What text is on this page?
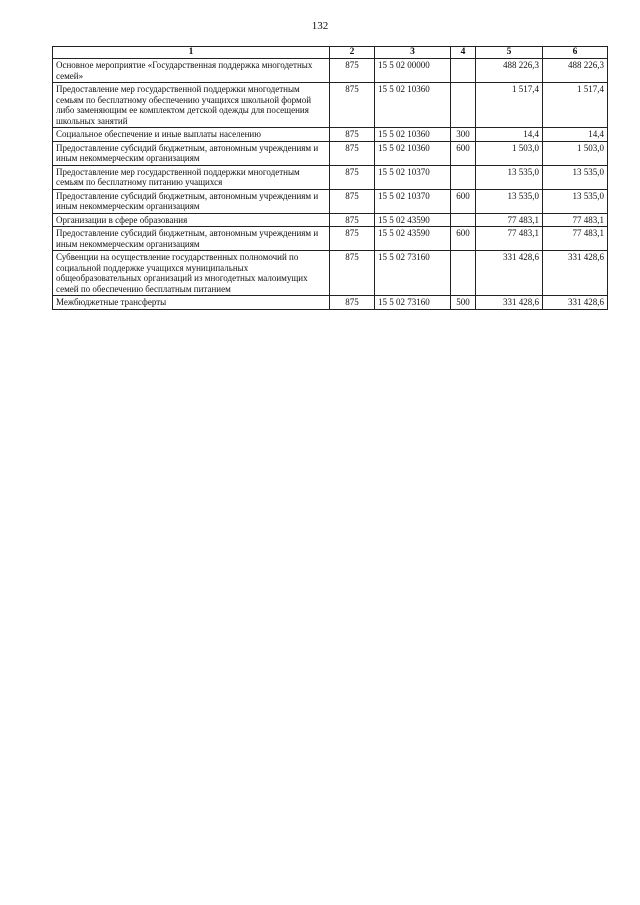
132
1	2	3	4	5	6
Основное мероприятие «Государственная поддержка многодетных семей»	875	15 5 02 00000		488 226,3	488 226,3
Предоставление мер государственной поддержки многодетным семьям по бесплатному обеспечению учащихся школьной формой либо заменяющим ее комплектом детской одежды для посещения школьных занятий	875	15 5 02 10360		1 517,4	1 517,4
Социальное обеспечение и иные выплаты населению	875	15 5 02 10360	300	14,4	14,4
Предоставление субсидий бюджетным, автономным учреждениям и иным некоммерческим организациям	875	15 5 02 10360	600	1 503,0	1 503,0
Предоставление мер государственной поддержки многодетным семьям по бесплатному питанию учащихся	875	15 5 02 10370		13 535,0	13 535,0
Предоставление субсидий бюджетным, автономным учреждениям и иным некоммерческим организациям	875	15 5 02 10370	600	13 535,0	13 535,0
Организации в сфере образования	875	15 5 02 43590		77 483,1	77 483,1
Предоставление субсидий бюджетным, автономным учреждениям и иным некоммерческим организациям	875	15 5 02 43590	600	77 483,1	77 483,1
Субвенции на осуществление государственных полномочий по социальной поддержке учащихся муниципальных общеобразовательных организаций из многодетных малоимущих семей по обеспечению бесплатным питанием	875	15 5 02 73160		331 428,6	331 428,6
Межбюджетные трансферты	875	15 5 02 73160	500	331 428,6	331 428,6
